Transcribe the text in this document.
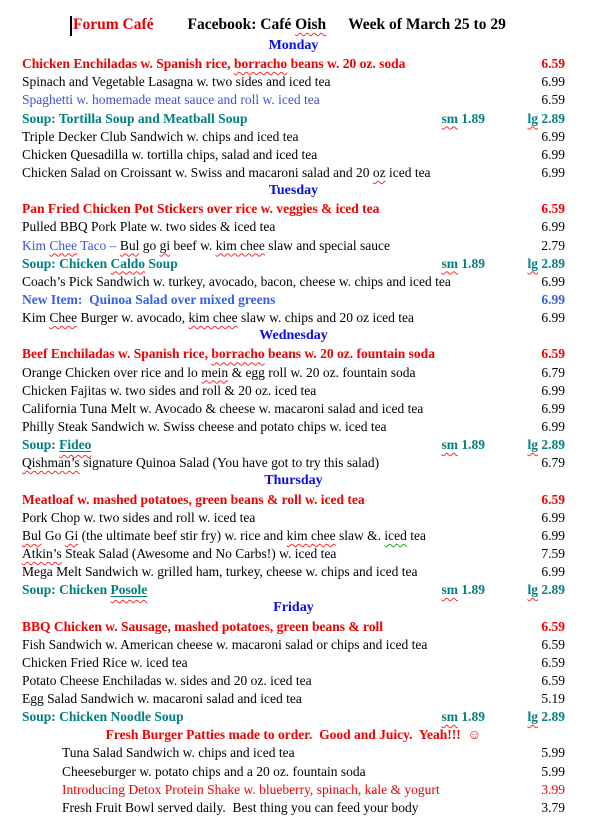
Forum Café Facebook: Café Oish Week of March 25 to 29
Monday
Chicken Enchiladas w. Spanish rice, borracho beans w. 20 oz. soda	6.59
Spinach and Vegetable Lasagna w. two sides and iced tea	6.99
Spaghetti w. homemade meat sauce and roll w. iced tea	6.59
Soup: Tortilla Soup and Meatball Soup	sm 1.89	lg 2.89
Triple Decker Club Sandwich w. chips and iced tea	6.99
Chicken Quesadilla w. tortilla chips, salad and iced tea	6.99
Chicken Salad on Croissant w. Swiss and macaroni salad and 20 oz iced tea	6.99
Tuesday
Pan Fried Chicken Pot Stickers over rice w. veggies & iced tea	6.59
Pulled BBQ Pork Plate w. two sides & iced tea	6.99
Kim Chee Taco – Bul go gi beef w. kim chee slaw and special sauce	2.79
Soup: Chicken Caldo Soup	sm 1.89	lg 2.89
Coach’s Pick Sandwich w. turkey, avocado, bacon, cheese w. chips and iced tea	6.99
New Item:  Quinoa Salad over mixed greens	6.99
Kim Chee Burger w. avocado, kim chee slaw w. chips and 20 oz iced tea	6.99
Wednesday
Beef Enchiladas w. Spanish rice, borracho beans w. 20 oz. fountain soda	6.59
Orange Chicken over rice and lo mein & egg roll w. 20 oz. fountain soda	6.79
Chicken Fajitas w. two sides and roll & 20 oz. iced tea	6.99
California Tuna Melt w. Avocado & cheese w. macaroni salad and iced tea	6.99
Philly Steak Sandwich w. Swiss cheese and potato chips w. iced tea	6.99
Soup: Fideo	sm 1.89	lg 2.89
Qishman’s signature Quinoa Salad (You have got to try this salad)	6.79
Thursday
Meatloaf w. mashed potatoes, green beans & roll w. iced tea	6.59
Pork Chop w. two sides and roll w. iced tea	6.99
Bul Go Gi (the ultimate beef stir fry) w. rice and kim chee slaw &. iced tea	6.99
Atkin’s Steak Salad (Awesome and No Carbs!) w. iced tea	7.59
Mega Melt Sandwich w. grilled ham, turkey, cheese w. chips and iced tea	6.99
Soup: Chicken Posole	sm 1.89	lg 2.89
Friday
BBQ Chicken w. Sausage, mashed potatoes, green beans & roll	6.59
Fish Sandwich w. American cheese w. macaroni salad or chips and iced tea	6.59
Chicken Fried Rice w. iced tea	6.59
Potato Cheese Enchiladas w. sides and 20 oz. iced tea	6.59
Egg Salad Sandwich w. macaroni salad and iced tea	5.19
Soup: Chicken Noodle Soup	sm 1.89	lg 2.89
Fresh Burger Patties made to order.  Good and Juicy.  Yeah!!!  ☺
Tuna Salad Sandwich w. chips and iced tea	5.99
Cheeseburger w. potato chips and a 20 oz. fountain soda	5.99
Introducing Detox Protein Shake w. blueberry, spinach, kale & yogurt	3.99
Fresh Fruit Bowl served daily.  Best thing you can feed your body	3.79
